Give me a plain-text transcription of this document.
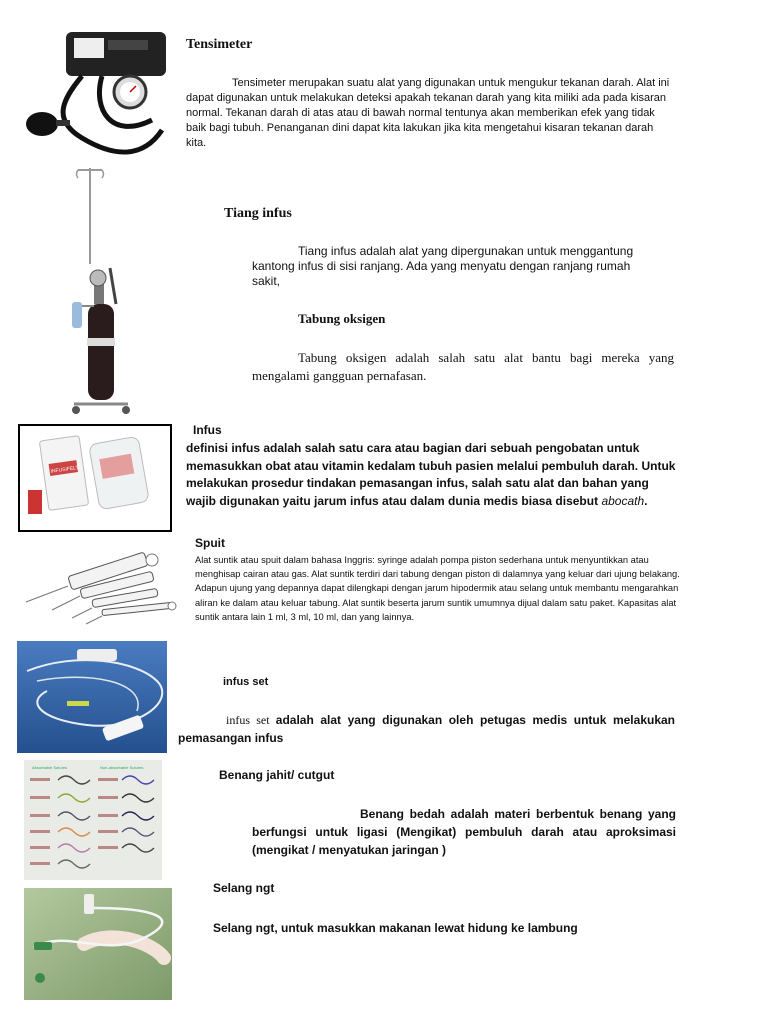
Tensimeter

Tensimeter merupakan suatu alat yang digunakan untuk mengukur tekanan darah. Alat ini dapat digunakan untuk melakukan deteksi apakah tekanan darah yang kita miliki ada pada kisaran normal. Tekanan darah di atas atau di bawah normal tentunya akan memberikan efek yang tidak baik bagi tubuh. Penanganan dini dapat kita lakukan jika kita mengetahui kisaran tekanan darah kita.

Tiang infus

Tiang infus adalah alat yang dipergunakan untuk menggantung kantong infus di sisi ranjang. Ada yang menyatu dengan ranjang rumah sakit,

Tabung oksigen

Tabung oksigen adalah salah satu alat bantu bagi mereka yang mengalami gangguan pernafasan.

INFUSIFELT
Infus

definisi infus adalah salah satu cara atau bagian dari sebuah pengobatan untuk memasukkan obat atau vitamin kedalam tubuh pasien melalui pembuluh darah. Untuk melakukan prosedur tindakan pemasangan infus, salah satu alat dan bahan yang wajib digunakan yaitu jarum infus atau dalam dunia medis biasa disebut abocath.

Spuit

Alat suntik atau spuit dalam bahasa Inggris: syringe adalah pompa piston sederhana untuk menyuntikkan atau menghisap cairan atau gas. Alat suntik terdiri dari tabung dengan piston di dalamnya yang keluar dari ujung belakang. Adapun ujung yang depannya dapat dilengkapi dengan jarum hipodermik atau selang untuk membantu mengarahkan aliran ke dalam atau keluar tabung. Alat suntik beserta jarum suntik umumnya dijual dalam satu paket. Kapasitas alat suntik antara lain 1 ml, 3 ml, 10 ml, dan yang lainnya.

infus set

infus set adalah alat yang digunakan oleh petugas medis untuk melakukan pemasangan infus

Absorbable Sutures	Non-absorbable Sutures
Benang jahit/ cutgut

Benang bedah adalah materi berbentuk benang yang berfungsi untuk ligasi (Mengikat) pembuluh darah atau aproksimasi (mengikat / menyatukan jaringan )

Selang ngt

Selang ngt, untuk masukkan makanan lewat hidung ke lambung
